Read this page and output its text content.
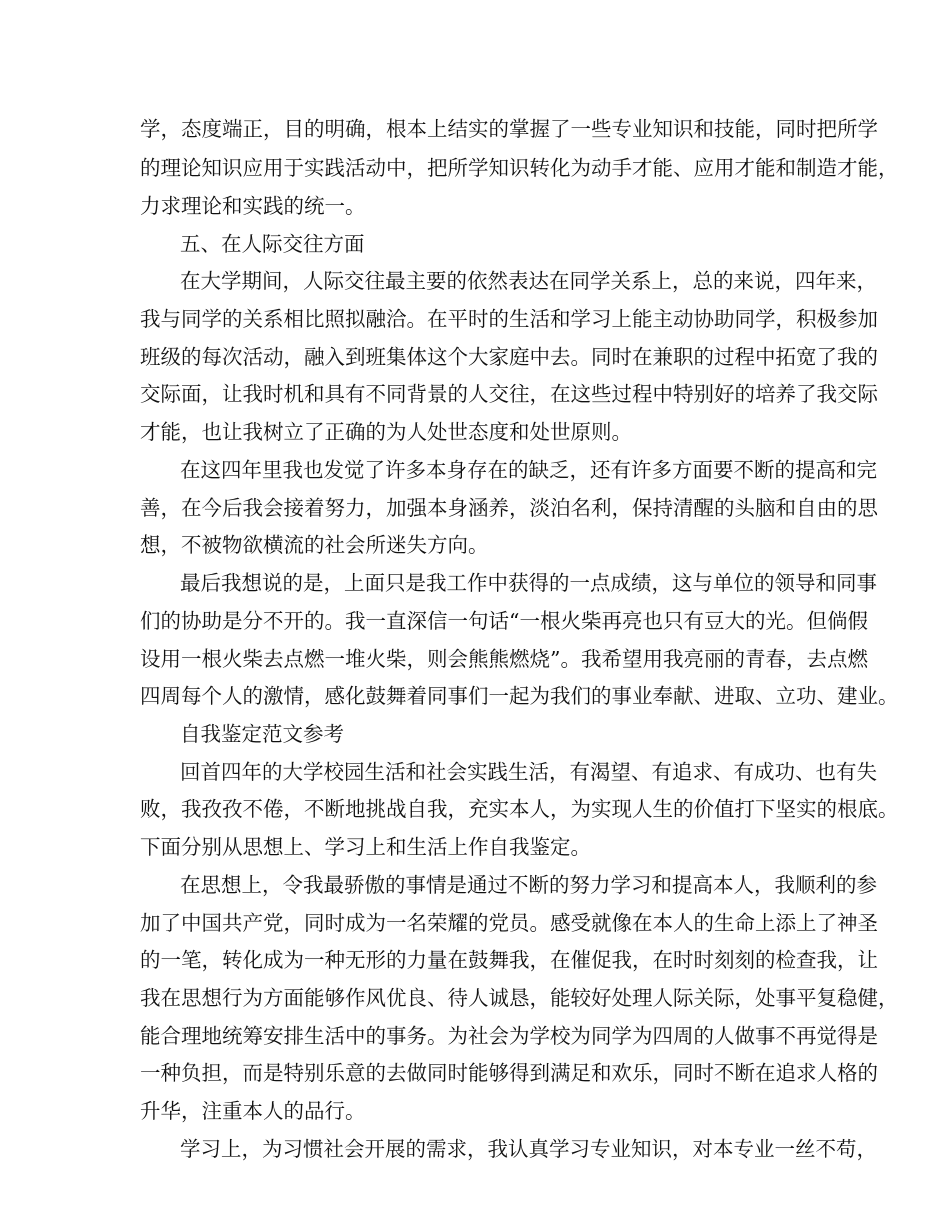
学，态度端正，目的明确，根本上结实的掌握了一些专业知识和技能，同时把所学
的理论知识应用于实践活动中，把所学知识转化为动手才能、应用才能和制造才能，
力求理论和实践的统一。
五、在人际交往方面
在大学期间，人际交往最主要的依然表达在同学关系上，总的来说，四年来，
我与同学的关系相比照拟融洽。在平时的生活和学习上能主动协助同学，积极参加
班级的每次活动，融入到班集体这个大家庭中去。同时在兼职的过程中拓宽了我的
交际面，让我时机和具有不同背景的人交往，在这些过程中特别好的培养了我交际
才能，也让我树立了正确的为人处世态度和处世原则。
在这四年里我也发觉了许多本身存在的缺乏，还有许多方面要不断的提高和完
善，在今后我会接着努力，加强本身涵养，淡泊名利，保持清醒的头脑和自由的思
想，不被物欲横流的社会所迷失方向。
最后我想说的是，上面只是我工作中获得的一点成绩，这与单位的领导和同事
们的协助是分不开的。我一直深信一句话“一根火柴再亮也只有豆大的光。但倘假
设用一根火柴去点燃一堆火柴，则会熊熊燃烧”。我希望用我亮丽的青春，去点燃
四周每个人的激情，感化鼓舞着同事们一起为我们的事业奉献、进取、立功、建业。
自我鉴定范文参考
回首四年的大学校园生活和社会实践生活，有渴望、有追求、有成功、也有失
败，我孜孜不倦，不断地挑战自我，充实本人，为实现人生的价值打下坚实的根底。
下面分别从思想上、学习上和生活上作自我鉴定。
在思想上，令我最骄傲的事情是通过不断的努力学习和提高本人，我顺利的参
加了中国共产党，同时成为一名荣耀的党员。感受就像在本人的生命上添上了神圣
的一笔，转化成为一种无形的力量在鼓舞我，在催促我，在时时刻刻的检查我，让
我在思想行为方面能够作风优良、待人诚恳，能较好处理人际关际，处事平复稳健，
能合理地统筹安排生活中的事务。为社会为学校为同学为四周的人做事不再觉得是
一种负担，而是特别乐意的去做同时能够得到满足和欢乐，同时不断在追求人格的
升华，注重本人的品行。
学习上，为习惯社会开展的需求，我认真学习专业知识，对本专业一丝不苟，
